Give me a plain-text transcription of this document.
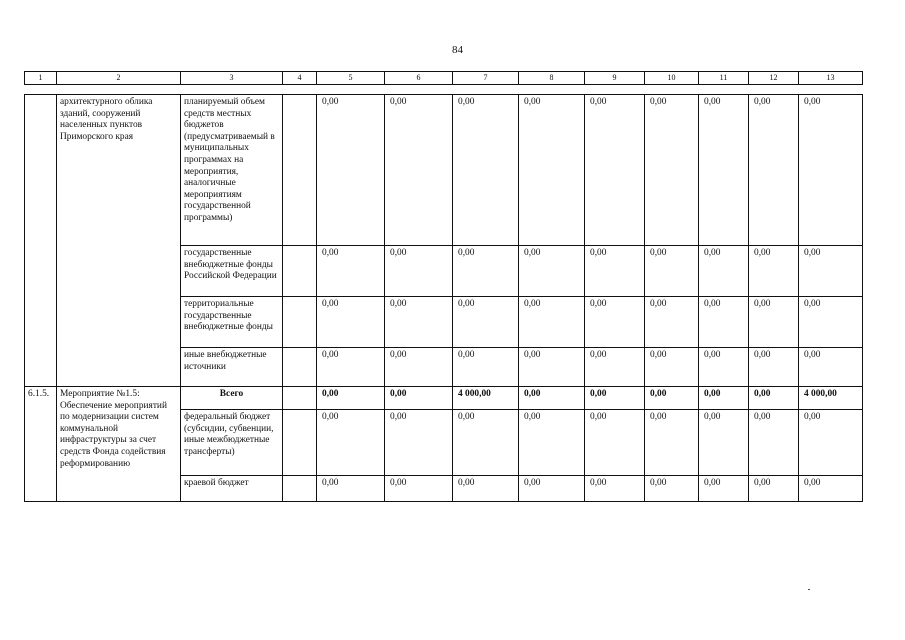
84
1	2	3	4	5	6	7	8	9	10	11	12	13
	архитектурного облика зданий, сооружений населенных пунктов Приморского края	планируемый объем средств местных бюджетов (предусматриваемый в муниципальных программах на мероприятия, аналогичные мероприятиям государственной программы)		0,00	0,00	0,00	0,00	0,00	0,00	0,00	0,00	0,00
		государственные внебюджетные фонды Российской Федерации		0,00	0,00	0,00	0,00	0,00	0,00	0,00	0,00	0,00
		территориальные государственные внебюджетные фонды		0,00	0,00	0,00	0,00	0,00	0,00	0,00	0,00	0,00
		иные внебюджетные источники		0,00	0,00	0,00	0,00	0,00	0,00	0,00	0,00	0,00
6.1.5.	Мероприятие №1.5: Обеспечение мероприятий по модернизации систем коммунальной инфраструктуры за счет средств Фонда содействия реформированию	Всего		0,00	0,00	4 000,00	0,00	0,00	0,00	0,00	0,00	4 000,00
		федеральный бюджет (субсидии, субвенции, иные межбюджетные трансферты)		0,00	0,00	0,00	0,00	0,00	0,00	0,00	0,00	0,00
		краевой бюджет		0,00	0,00	0,00	0,00	0,00	0,00	0,00	0,00	0,00
